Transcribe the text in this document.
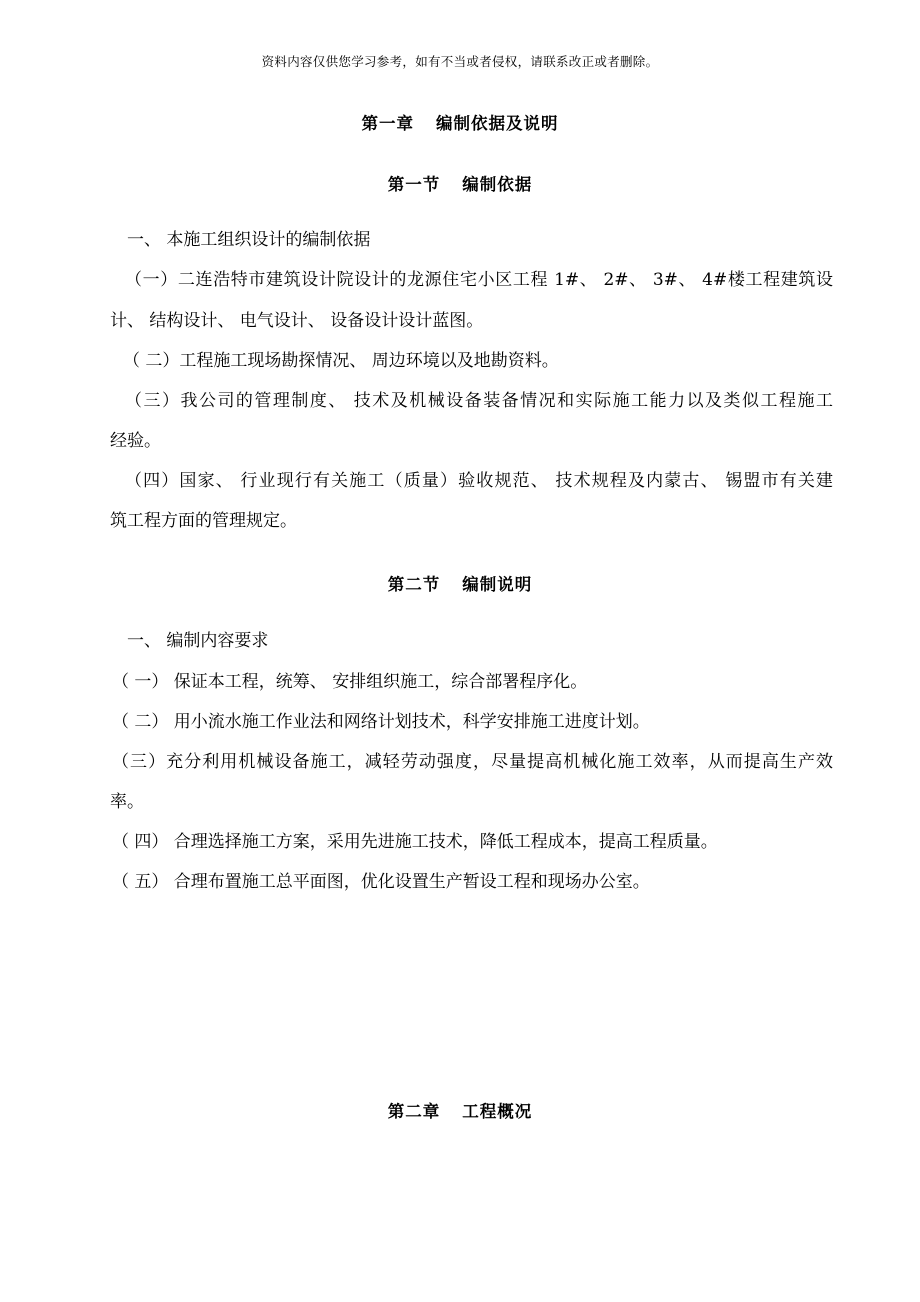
资料内容仅供您学习参考，如有不当或者侵权，请联系改正或者删除。
第一章 编制依据及说明
第一节 编制依据
一、 本施工组织设计的编制依据
（一）二连浩特市建筑设计院设计的龙源住宅小区工程 1#、 2#、 3#、 4#楼工程建筑设
计、 结构设计、 电气设计、 设备设计设计蓝图。
（ 二）工程施工现场勘探情况、 周边环境以及地勘资料。
（三）我公司的管理制度、 技术及机械设备装备情况和实际施工能力以及类似工程施工
经验。
（四）国家、 行业现行有关施工（质量）验收规范、 技术规程及内蒙古、 锡盟市有关建
筑工程方面的管理规定。
第二节 编制说明
一、 编制内容要求
（ 一） 保证本工程，统筹、 安排组织施工，综合部署程序化。
（ 二） 用小流水施工作业法和网络计划技术，科学安排施工进度计划。
（三）充分利用机械设备施工，减轻劳动强度，尽量提高机械化施工效率，从而提高生产效
率。
（ 四） 合理选择施工方案，采用先进施工技术，降低工程成本，提高工程质量。
（ 五） 合理布置施工总平面图，优化设置生产暂设工程和现场办公室。
第二章 工程概况
